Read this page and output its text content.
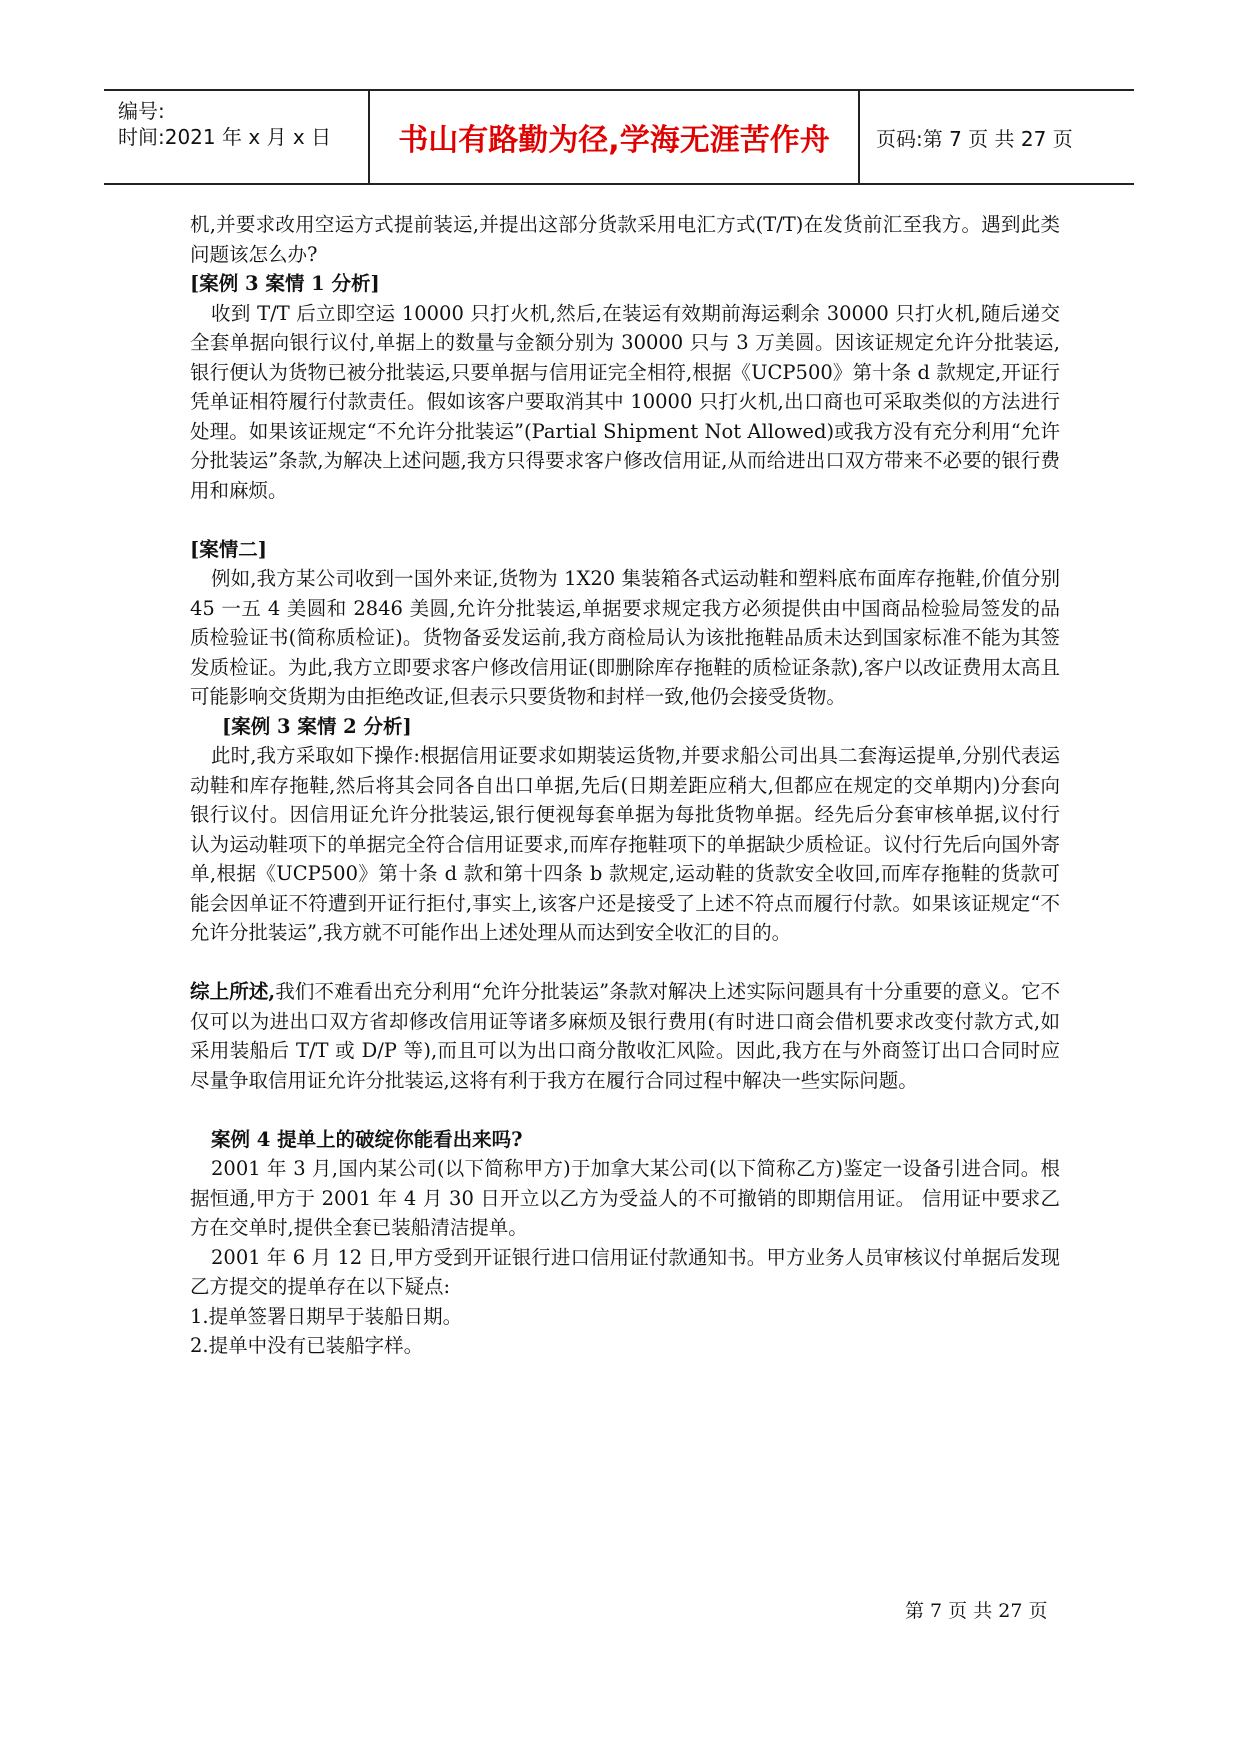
编号:
时间:2021 年 x 月 x 日	书山有路勤为径,学海无涯苦作舟	页码:第 7 页 共 27 页

机,并要求改用空运方式提前装运,并提出这部分货款采用电汇方式(T/T)在发货前汇至我方。遇到此类问题该怎么办?

[案例 3 案情 1 分析]

收到 T/T 后立即空运 10000 只打火机,然后,在装运有效期前海运剩余 30000 只打火机,随后递交全套单据向银行议付,单据上的数量与金额分别为 30000 只与 3 万美圆。因该证规定允许分批装运,银行便认为货物已被分批装运,只要单据与信用证完全相符,根据《UCP500》第十条 d 款规定,开证行凭单证相符履行付款责任。假如该客户要取消其中 10000 只打火机,出口商也可采取类似的方法进行处理。如果该证规定“不允许分批装运”(Partial Shipment Not Allowed)或我方没有充分利用“允许分批装运”条款,为解决上述问题,我方只得要求客户修改信用证,从而给进出口双方带来不必要的银行费用和麻烦。

[案情二]

例如,我方某公司收到一国外来证,货物为 1X20 集装箱各式运动鞋和塑料底布面库存拖鞋,价值分别 45 一五 4 美圆和 2846 美圆,允许分批装运,单据要求规定我方必须提供由中国商品检验局签发的品质检验证书(简称质检证)。货物备妥发运前,我方商检局认为该批拖鞋品质未达到国家标准不能为其签发质检证。为此,我方立即要求客户修改信用证(即删除库存拖鞋的质检证条款),客户以改证费用太高且可能影响交货期为由拒绝改证,但表示只要货物和封样一致,他仍会接受货物。

[案例 3 案情 2 分析]

此时,我方采取如下操作:根据信用证要求如期装运货物,并要求船公司出具二套海运提单,分别代表运动鞋和库存拖鞋,然后将其会同各自出口单据,先后(日期差距应稍大,但都应在规定的交单期内)分套向银行议付。因信用证允许分批装运,银行便视每套单据为每批货物单据。经先后分套审核单据,议付行认为运动鞋项下的单据完全符合信用证要求,而库存拖鞋项下的单据缺少质检证。议付行先后向国外寄单,根据《UCP500》第十条 d 款和第十四条 b 款规定,运动鞋的货款安全收回,而库存拖鞋的货款可能会因单证不符遭到开证行拒付,事实上,该客户还是接受了上述不符点而履行付款。如果该证规定“不允许分批装运”,我方就不可能作出上述处理从而达到安全收汇的目的。

综上所述,我们不难看出充分利用“允许分批装运”条款对解决上述实际问题具有十分重要的意义。它不仅可以为进出口双方省却修改信用证等诸多麻烦及银行费用(有时进口商会借机要求改变付款方式,如采用装船后 T/T 或 D/P 等),而且可以为出口商分散收汇风险。因此,我方在与外商签订出口合同时应尽量争取信用证允许分批装运,这将有利于我方在履行合同过程中解决一些实际问题。

案例 4 提单上的破绽你能看出来吗?

2001 年 3 月,国内某公司(以下简称甲方)于加拿大某公司(以下简称乙方)鉴定一设备引进合同。根据恒通,甲方于 2001 年 4 月 30 日开立以乙方为受益人的不可撤销的即期信用证。 信用证中要求乙方在交单时,提供全套已装船清洁提单。

2001 年 6 月 12 日,甲方受到开证银行进口信用证付款通知书。甲方业务人员审核议付单据后发现乙方提交的提单存在以下疑点:

1.提单签署日期早于装船日期。

2.提单中没有已装船字样。

第 7 页 共 27 页
